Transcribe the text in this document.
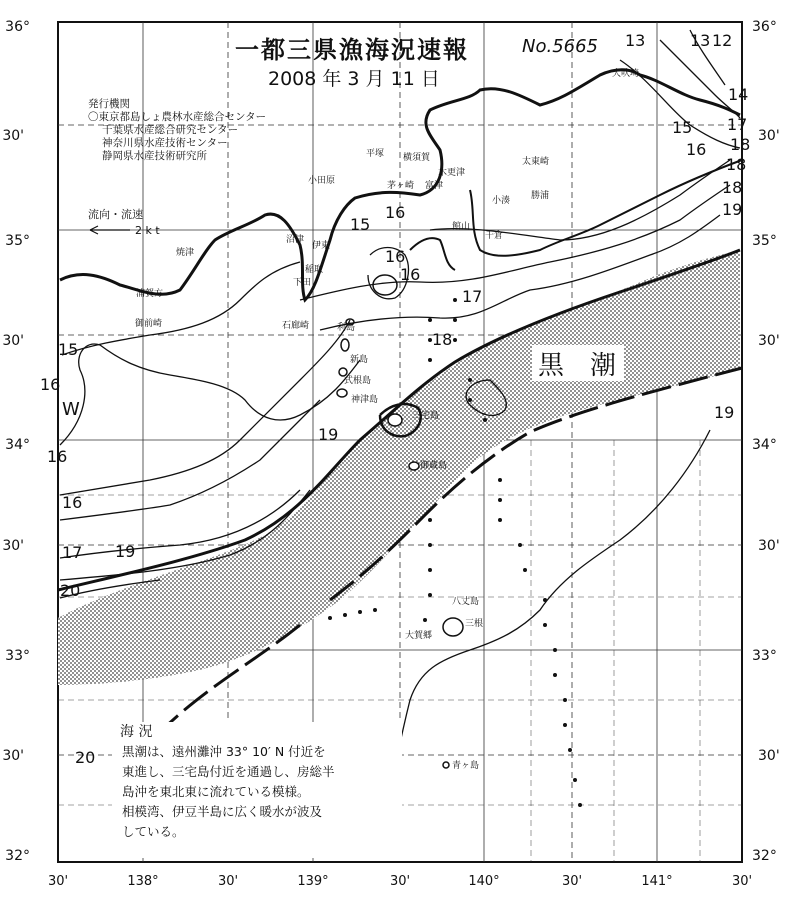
36°
30'
35°
30'
34°
30'
33°
30'
32°
36°
30'
35°
30'
34°
30'
33°
30'
32°
30'	138°	30'	139°	30'	140°	30'	141°	30'
流向・流速
2 k t
黒　潮
W
13	13 12
14
15
16
17
18
18
18
19
15
16
16
16
17
18
15
16
16
16
17 19
19
19
20
20
犬吠埼
平塚 横須賀
木更津
小田原	茅ヶ崎
館山
富津
太東崎
小湊 勝浦
沼津
伊東
千倉
焼津
稲取
下田
浦賀方
御前崎	石廊崎	利島
新島
式根島
神津島
三宅島
御蔵島
八丈島
三根
大賀郷
青ヶ島
一都三県漁海況速報	No.5665
2008 年 3 月 11 日
発行機関
〇東京都島しょ農林水産総合センター
千葉県水産総合研究センター
神奈川県水産技術センター
静岡県水産技術研究所
海 況

黒潮は、遠州灘沖 33° 10′ N 付近を

東進し、三宅島付近を通過し、房総半

島沖を東北東に流れている模様。

相模湾、伊豆半島に広く暖水が波及

している。
